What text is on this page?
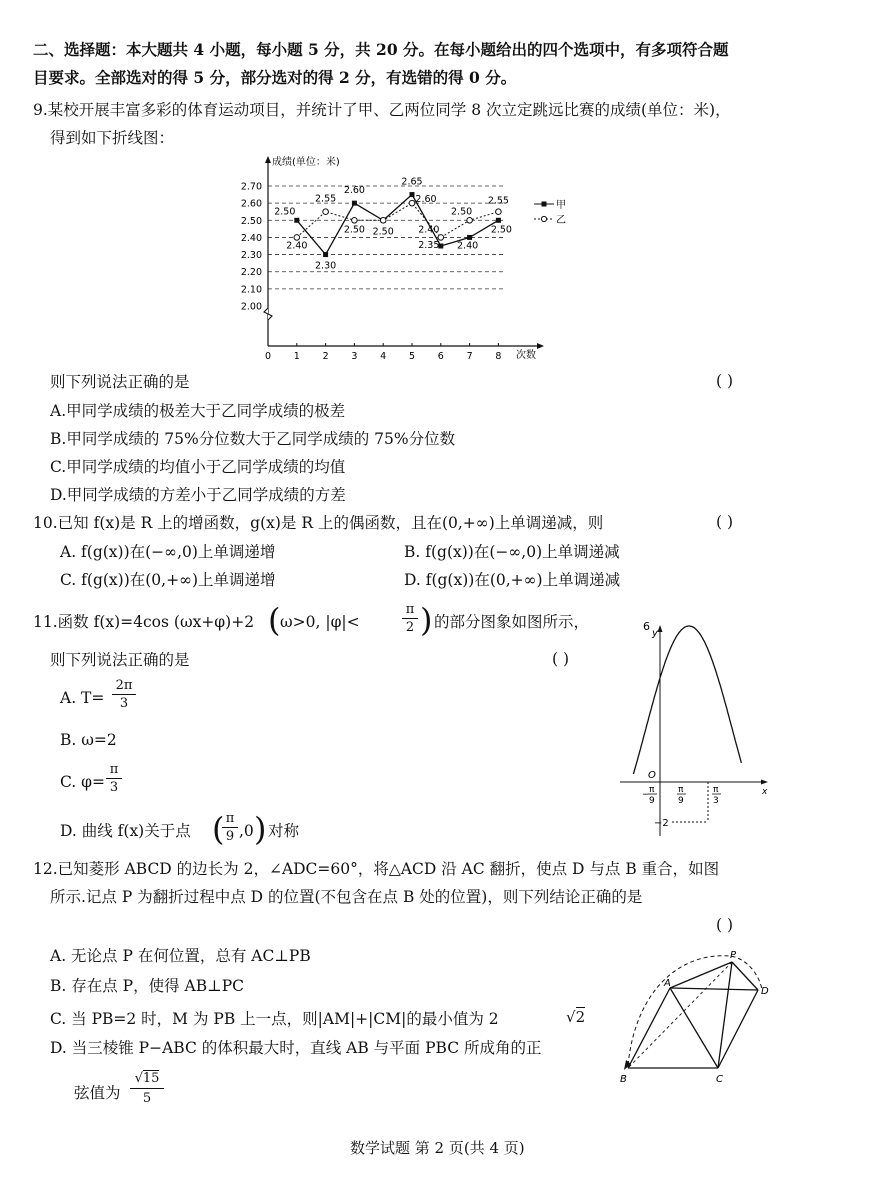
二、选择题：本大题共 4 小题，每小题 5 分，共 20 分。在每小题给出的四个选项中，有多项符合题
目要求。全部选对的得 5 分，部分选对的得 2 分，有选错的得 0 分。
9.某校开展丰富多彩的体育运动项目，并统计了甲、乙两位同学 8 次立定跳远比赛的成绩(单位：米)，
得到如下折线图：
2.00
2.10
2.20
2.30
2.40
2.50
2.60
2.70
0 1 2 3 4 5 6 7 8
成绩(单位：米)
次数
2.50
2.30
2.60
2.50
2.65
2.35 2.40
2.50
2.40
2.55
2.50
2.60
2.40
2.50
2.55	甲
乙
则下列说法正确的是	( )
A.甲同学成绩的极差大于乙同学成绩的极差
B.甲同学成绩的 75%分位数大于乙同学成绩的 75%分位数
C.甲同学成绩的均值小于乙同学成绩的均值
D.甲同学成绩的方差小于乙同学成绩的方差
10.已知 f(x)是 R 上的增函数，g(x)是 R 上的偶函数，且在(0,+∞)上单调递减，则	( )
A. f(g(x))在(−∞,0)上单调递增	B. f(g(x))在(−∞,0)上单调递减
C. f(g(x))在(0,+∞)上单调递增	D. f(g(x))在(0,+∞)上单调递减
11.函数 f(x)=4cos (ωx+φ)+2 ( ω>0, |φ|<
π
2 ) 的部分图象如图所示，
则下列说法正确的是	( )
A. $T= \frac{2\pi}{3}$
B. ω=2
C. $\varphi= \frac{\pi}{3}$
D. 曲线 f(x)关于点 (
$\frac{\pi}{9} ,0$ ) 对称
y
x
O
6
−2
− π
9
π
9
π
3
12.已知菱形 ABCD 的边长为 2，∠ADC=60°，将△ACD 沿 AC 翻折，使点 D 与点 B 重合，如图
所示.记点 P 为翻折过程中点 D 的位置(不包含在点 B 处的位置)，则下列结论正确的是
( )
A. 无论点 P 在何位置，总有 AC⊥PB
B. 存在点 P，使得 AB⊥PC
C. 当 PB=2 时，M 为 PB 上一点，则|AM|+|CM|的最小值为 2	√2
D. 当三棱锥 P−ABC 的体积最大时，直线 AB 与平面 PBC 所成角的正
弦值为 $\frac{√15}{5}$
P
A
D
B	C
数学试题 第 2 页(共 4 页)
